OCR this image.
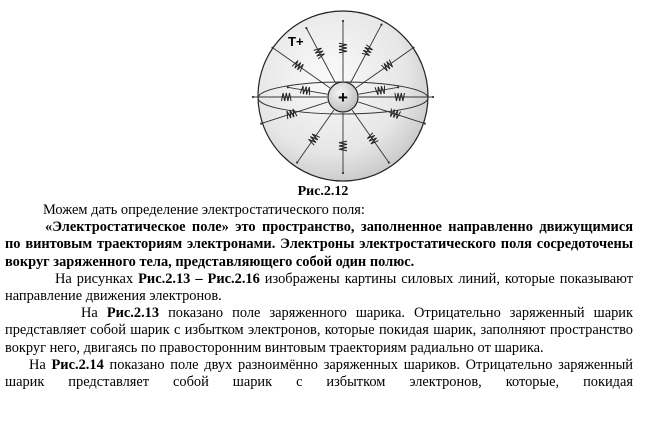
+
T+
Рис.2.12

Можем дать определение электростатического поля:

«Электростатическое поле» это пространство, заполненное направленно движущимися по винтовым траекториям электронами. Электроны электростатического поля сосредоточены вокруг заряженного тела, представляющего собой один полюс.

На рисунках Рис.2.13 – Рис.2.16 изображены картины силовых линий, которые показывают направление движения электронов.

На Рис.2.13 показано поле заряженного шарика. Отрицательно заряженный шарик представляет собой шарик с избытком электронов, которые покидая шарик, заполняют пространство вокруг него, двигаясь по правосторонним винтовым траекториям радиально от шарика.

На Рис.2.14 показано поле двух разноимённо заряженных шариков. Отрицательно заряженный шарик представляет собой шарик с избытком электронов, которые, покидая
